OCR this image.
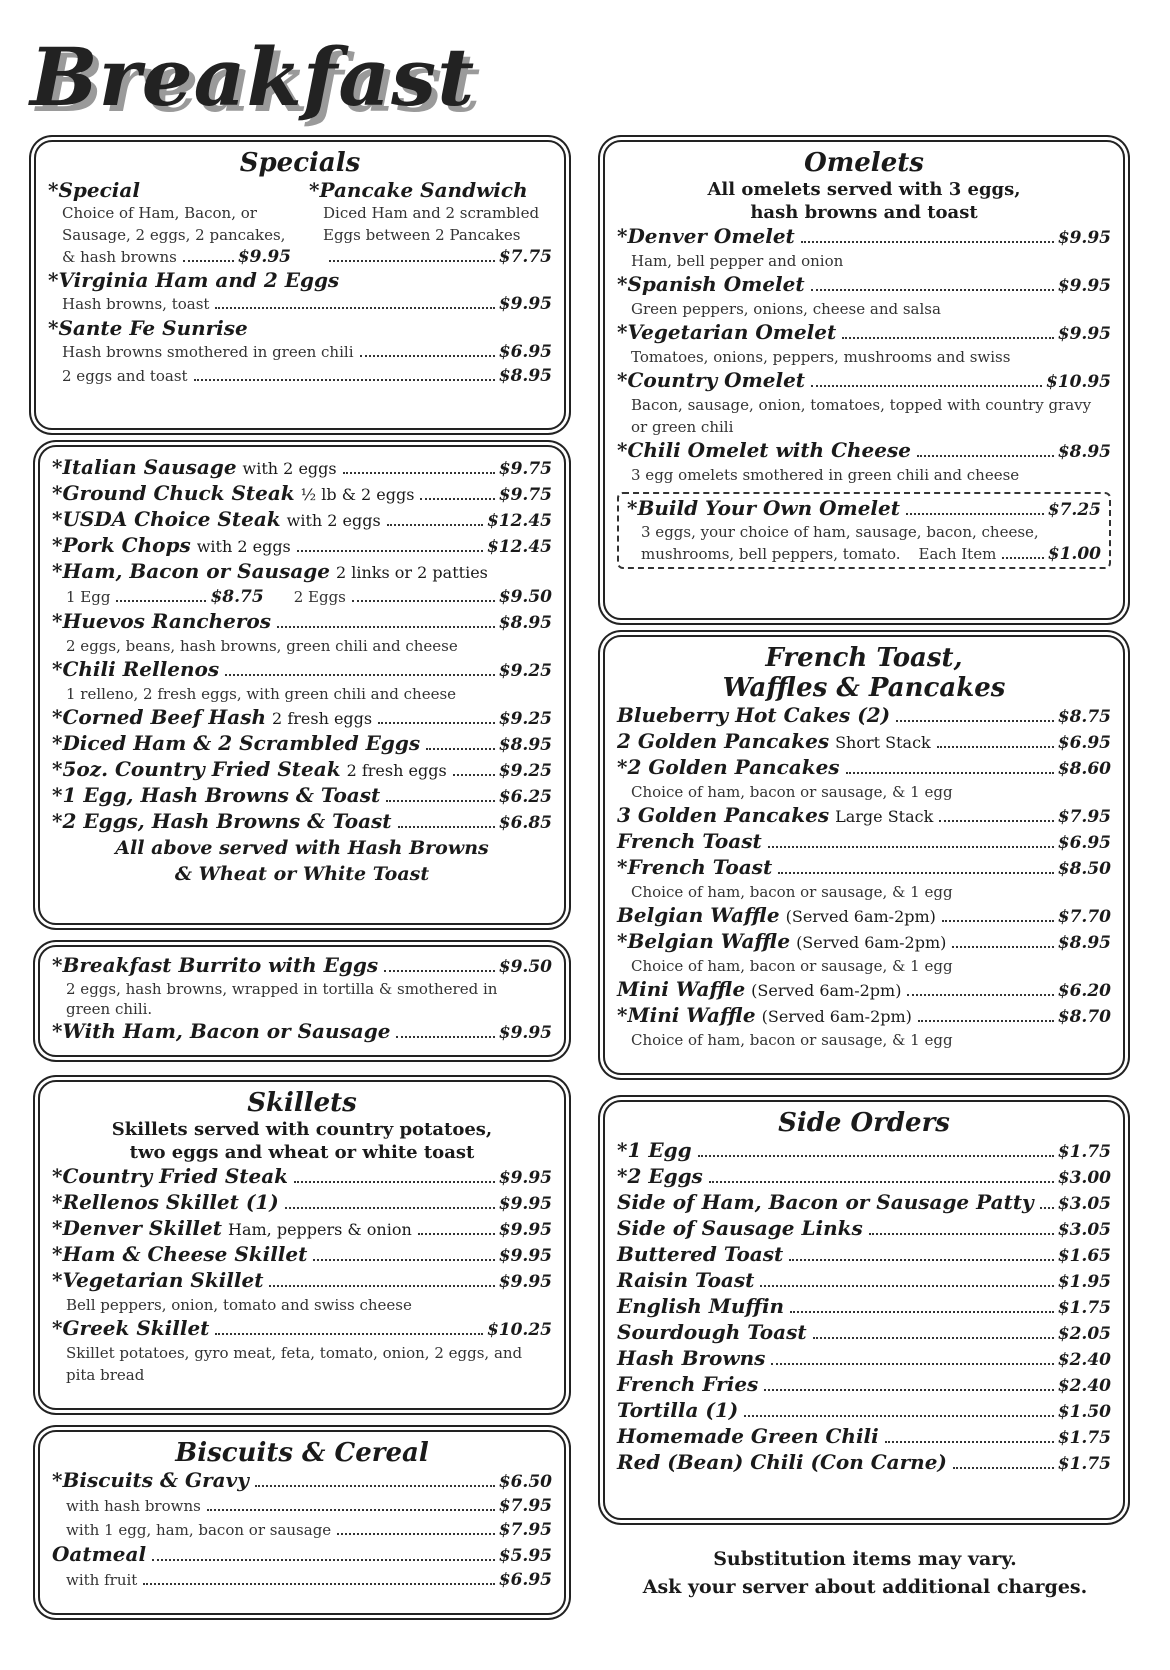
Breakfast
Specials
*Special
Choice of Ham, Bacon, or
Sausage, 2 eggs, 2 pancakes,
& hash browns	$9.95
*Pancake Sandwich
Diced Ham and 2 scrambled
Eggs between 2 Pancakes
$7.75
*Virginia Ham and 2 Eggs
Hash browns, toast	$9.95
*Sante Fe Sunrise
Hash browns smothered in green chili	$6.95
2 eggs and toast	$8.95
*Italian Sausage with 2 eggs	$9.75
*Ground Chuck Steak ½ lb & 2 eggs	$9.75
*USDA Choice Steak with 2 eggs	$12.45
*Pork Chops with 2 eggs	$12.45
*Ham, Bacon or Sausage 2 links or 2 patties
1 Egg	$8.75	2 Eggs	$9.50
*Huevos Rancheros	$8.95
2 eggs, beans, hash browns, green chili and cheese
*Chili Rellenos	$9.25
1 relleno, 2 fresh eggs, with green chili and cheese
*Corned Beef Hash 2 fresh eggs	$9.25
*Diced Ham & 2 Scrambled Eggs	$8.95
*5oz. Country Fried Steak 2 fresh eggs	$9.25
*1 Egg, Hash Browns & Toast	$6.25
*2 Eggs, Hash Browns & Toast	$6.85
All above served with Hash Browns
& Wheat or White Toast
*Breakfast Burrito with Eggs	$9.50
2 eggs, hash browns, wrapped in tortilla & smothered in
green chili.
*With Ham, Bacon or Sausage	$9.95
Skillets
Skillets served with country potatoes,
two eggs and wheat or white toast
*Country Fried Steak	$9.95
*Rellenos Skillet (1)	$9.95
*Denver Skillet Ham, peppers & onion	$9.95
*Ham & Cheese Skillet	$9.95
*Vegetarian Skillet	$9.95
Bell peppers, onion, tomato and swiss cheese
*Greek Skillet	$10.25
Skillet potatoes, gyro meat, feta, tomato, onion, 2 eggs, and pita bread
Biscuits & Cereal
*Biscuits & Gravy	$6.50
with hash browns	$7.95
with 1 egg, ham, bacon or sausage	$7.95
Oatmeal	$5.95
with fruit	$6.95
Omelets
All omelets served with 3 eggs,
hash browns and toast
*Denver Omelet	$9.95
Ham, bell pepper and onion
*Spanish Omelet	$9.95
Green peppers, onions, cheese and salsa
*Vegetarian Omelet	$9.95
Tomatoes, onions, peppers, mushrooms and swiss
*Country Omelet	$10.95
Bacon, sausage, onion, tomatoes, topped with country gravy or green chili
*Chili Omelet with Cheese	$8.95
3 egg omelets smothered in green chili and cheese
*Build Your Own Omelet	$7.25
3 eggs, your choice of ham, sausage, bacon, cheese,
mushrooms, bell peppers, tomato.	Each Item	$1.00
French Toast,
Waffles & Pancakes
Blueberry Hot Cakes (2)	$8.75
2 Golden Pancakes Short Stack	$6.95
*2 Golden Pancakes	$8.60
Choice of ham, bacon or sausage, & 1 egg
3 Golden Pancakes Large Stack	$7.95
French Toast	$6.95
*French Toast	$8.50
Choice of ham, bacon or sausage, & 1 egg
Belgian Waffle (Served 6am-2pm)	$7.70
*Belgian Waffle (Served 6am-2pm)	$8.95
Choice of ham, bacon or sausage, & 1 egg
Mini Waffle (Served 6am-2pm)	$6.20
*Mini Waffle (Served 6am-2pm)	$8.70
Choice of ham, bacon or sausage, & 1 egg
Side Orders
*1 Egg	$1.75
*2 Eggs	$3.00
Side of Ham, Bacon or Sausage Patty $3.05
Side of Sausage Links	$3.05
Buttered Toast	$1.65
Raisin Toast	$1.95
English Muffin	$1.75
Sourdough Toast	$2.05
Hash Browns	$2.40
French Fries	$2.40
Tortilla (1)	$1.50
Homemade Green Chili	$1.75
Red (Bean) Chili (Con Carne)	$1.75
Substitution items may vary.
Ask your server about additional charges.
